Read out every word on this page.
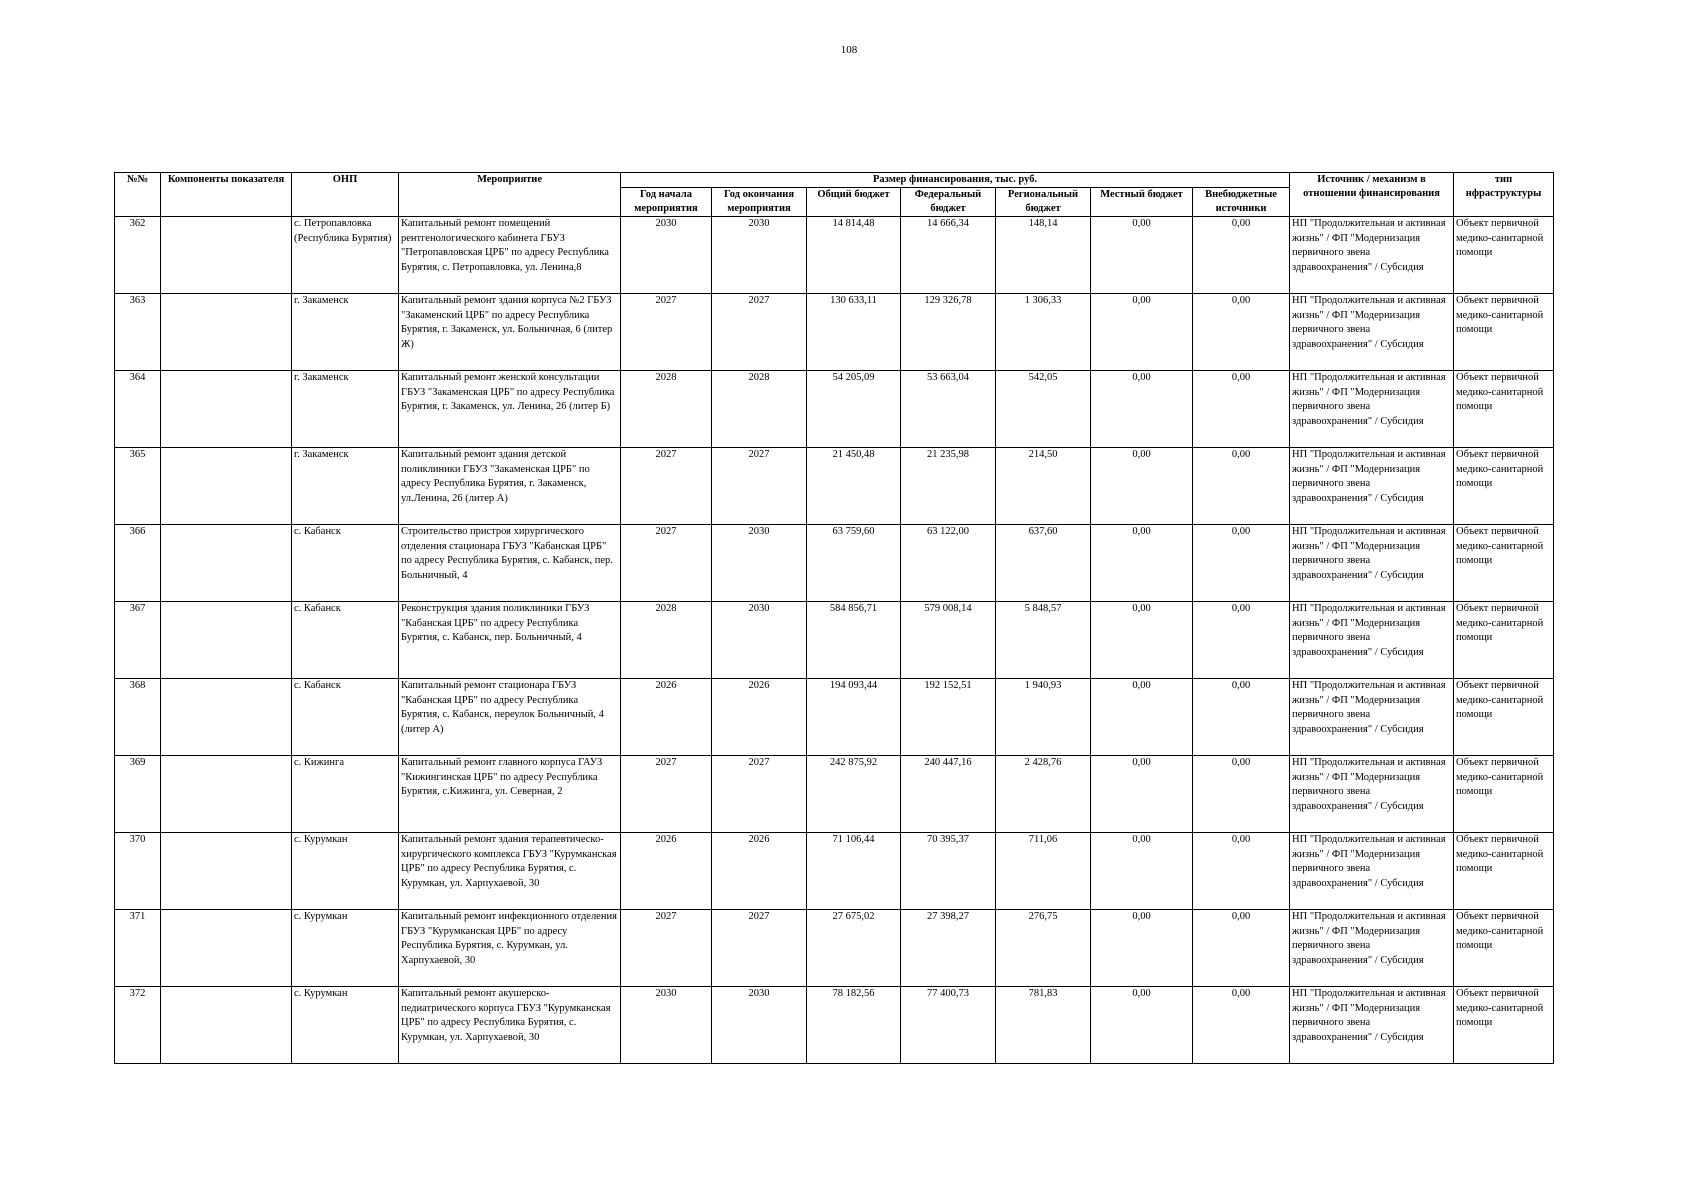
108
№№	Компоненты показателя	ОНП	Мероприятие	Размер финансирования, тыс. руб.							Источник / механизм в отношении финансирования	тип нфраструктуры
				Год начала мероприятия	Год окончания мероприятия	Общий бюджет	Федеральный бюджет	Региональный бюджет	Местный бюджет	Внебюджетные источники		
362		с. Петропавловка (Республика Бурятия)	Капитальный ремонт помещений рентгенологического кабинета ГБУЗ "Петропавловская ЦРБ" по адресу Республика Бурятия, с. Петропавловка, ул. Ленина,8	2030	2030	14 814,48	14 666,34	148,14	0,00	0,00	НП "Продолжительная и активная жизнь" / ФП "Модернизация первичного звена здравоохранения" / Субсидия	Объект первичной медико-санитарной помощи
363		г. Закаменск	Капитальный ремонт здания корпуса №2 ГБУЗ "Закаменский ЦРБ" по адресу Республика Бурятия, г. Закаменск, ул. Больничная, 6 (литер Ж)	2027	2027	130 633,11	129 326,78	1 306,33	0,00	0,00	НП "Продолжительная и активная жизнь" / ФП "Модернизация первичного звена здравоохранения" / Субсидия	Объект первичной медико-санитарной помощи
364		г. Закаменск	Капитальный ремонт женской консультации ГБУЗ "Закаменская ЦРБ" по адресу Республика Бурятия, г. Закаменск, ул. Ленина, 26 (литер Б)	2028	2028	54 205,09	53 663,04	542,05	0,00	0,00	НП "Продолжительная и активная жизнь" / ФП "Модернизация первичного звена здравоохранения" / Субсидия	Объект первичной медико-санитарной помощи
365		г. Закаменск	Капитальный ремонт здания детской поликлиники ГБУЗ "Закаменская ЦРБ" по адресу Республика Бурятия, г. Закаменск, ул.Ленина, 26 (литер А)	2027	2027	21 450,48	21 235,98	214,50	0,00	0,00	НП "Продолжительная и активная жизнь" / ФП "Модернизация первичного звена здравоохранения" / Субсидия	Объект первичной медико-санитарной помощи
366		с. Кабанск	Строительство пристроя хирургического отделения стационара ГБУЗ "Кабанская ЦРБ" по адресу Республика Бурятия, с. Кабанск, пер. Больничный, 4	2027	2030	63 759,60	63 122,00	637,60	0,00	0,00	НП "Продолжительная и активная жизнь" / ФП "Модернизация первичного звена здравоохранения" / Субсидия	Объект первичной медико-санитарной помощи
367		с. Кабанск	Реконструкция здания поликлиники ГБУЗ "Кабанская ЦРБ" по адресу Республика Бурятия, с. Кабанск, пер. Больничный, 4	2028	2030	584 856,71	579 008,14	5 848,57	0,00	0,00	НП "Продолжительная и активная жизнь" / ФП "Модернизация первичного звена здравоохранения" / Субсидия	Объект первичной медико-санитарной помощи
368		с. Кабанск	Капитальный ремонт стационара ГБУЗ "Кабанская ЦРБ" по адресу Республика Бурятия, с. Кабанск, переулок Больничный, 4 (литер А)	2026	2026	194 093,44	192 152,51	1 940,93	0,00	0,00	НП "Продолжительная и активная жизнь" / ФП "Модернизация первичного звена здравоохранения" / Субсидия	Объект первичной медико-санитарной помощи
369		с. Кижинга	Капитальный ремонт главного корпуса ГАУЗ "Кижингинская ЦРБ" по адресу Республика Бурятия, с.Кижинга, ул. Северная, 2	2027	2027	242 875,92	240 447,16	2 428,76	0,00	0,00	НП "Продолжительная и активная жизнь" / ФП "Модернизация первичного звена здравоохранения" / Субсидия	Объект первичной медико-санитарной помощи
370		с. Курумкан	Капитальный ремонт здания терапевтическо-хирургического комплекса ГБУЗ "Курумканская ЦРБ" по адресу Республика Бурятия, с. Курумкан, ул. Харпухаевой, 30	2026	2026	71 106,44	70 395,37	711,06	0,00	0,00	НП "Продолжительная и активная жизнь" / ФП "Модернизация первичного звена здравоохранения" / Субсидия	Объект первичной медико-санитарной помощи
371		с. Курумкан	Капитальный ремонт инфекционного отделения ГБУЗ "Курумканская ЦРБ" по адресу Республика Бурятия, с. Курумкан, ул. Харпухаевой, 30	2027	2027	27 675,02	27 398,27	276,75	0,00	0,00	НП "Продолжительная и активная жизнь" / ФП "Модернизация первичного звена здравоохранения" / Субсидия	Объект первичной медико-санитарной помощи
372		с. Курумкан	Капитальный ремонт акушерско-педиатрического корпуса ГБУЗ "Курумканская ЦРБ" по адресу Республика Бурятия, с. Курумкан, ул. Харпухаевой, 30	2030	2030	78 182,56	77 400,73	781,83	0,00	0,00	НП "Продолжительная и активная жизнь" / ФП "Модернизация первичного звена здравоохранения" / Субсидия	Объект первичной медико-санитарной помощи
